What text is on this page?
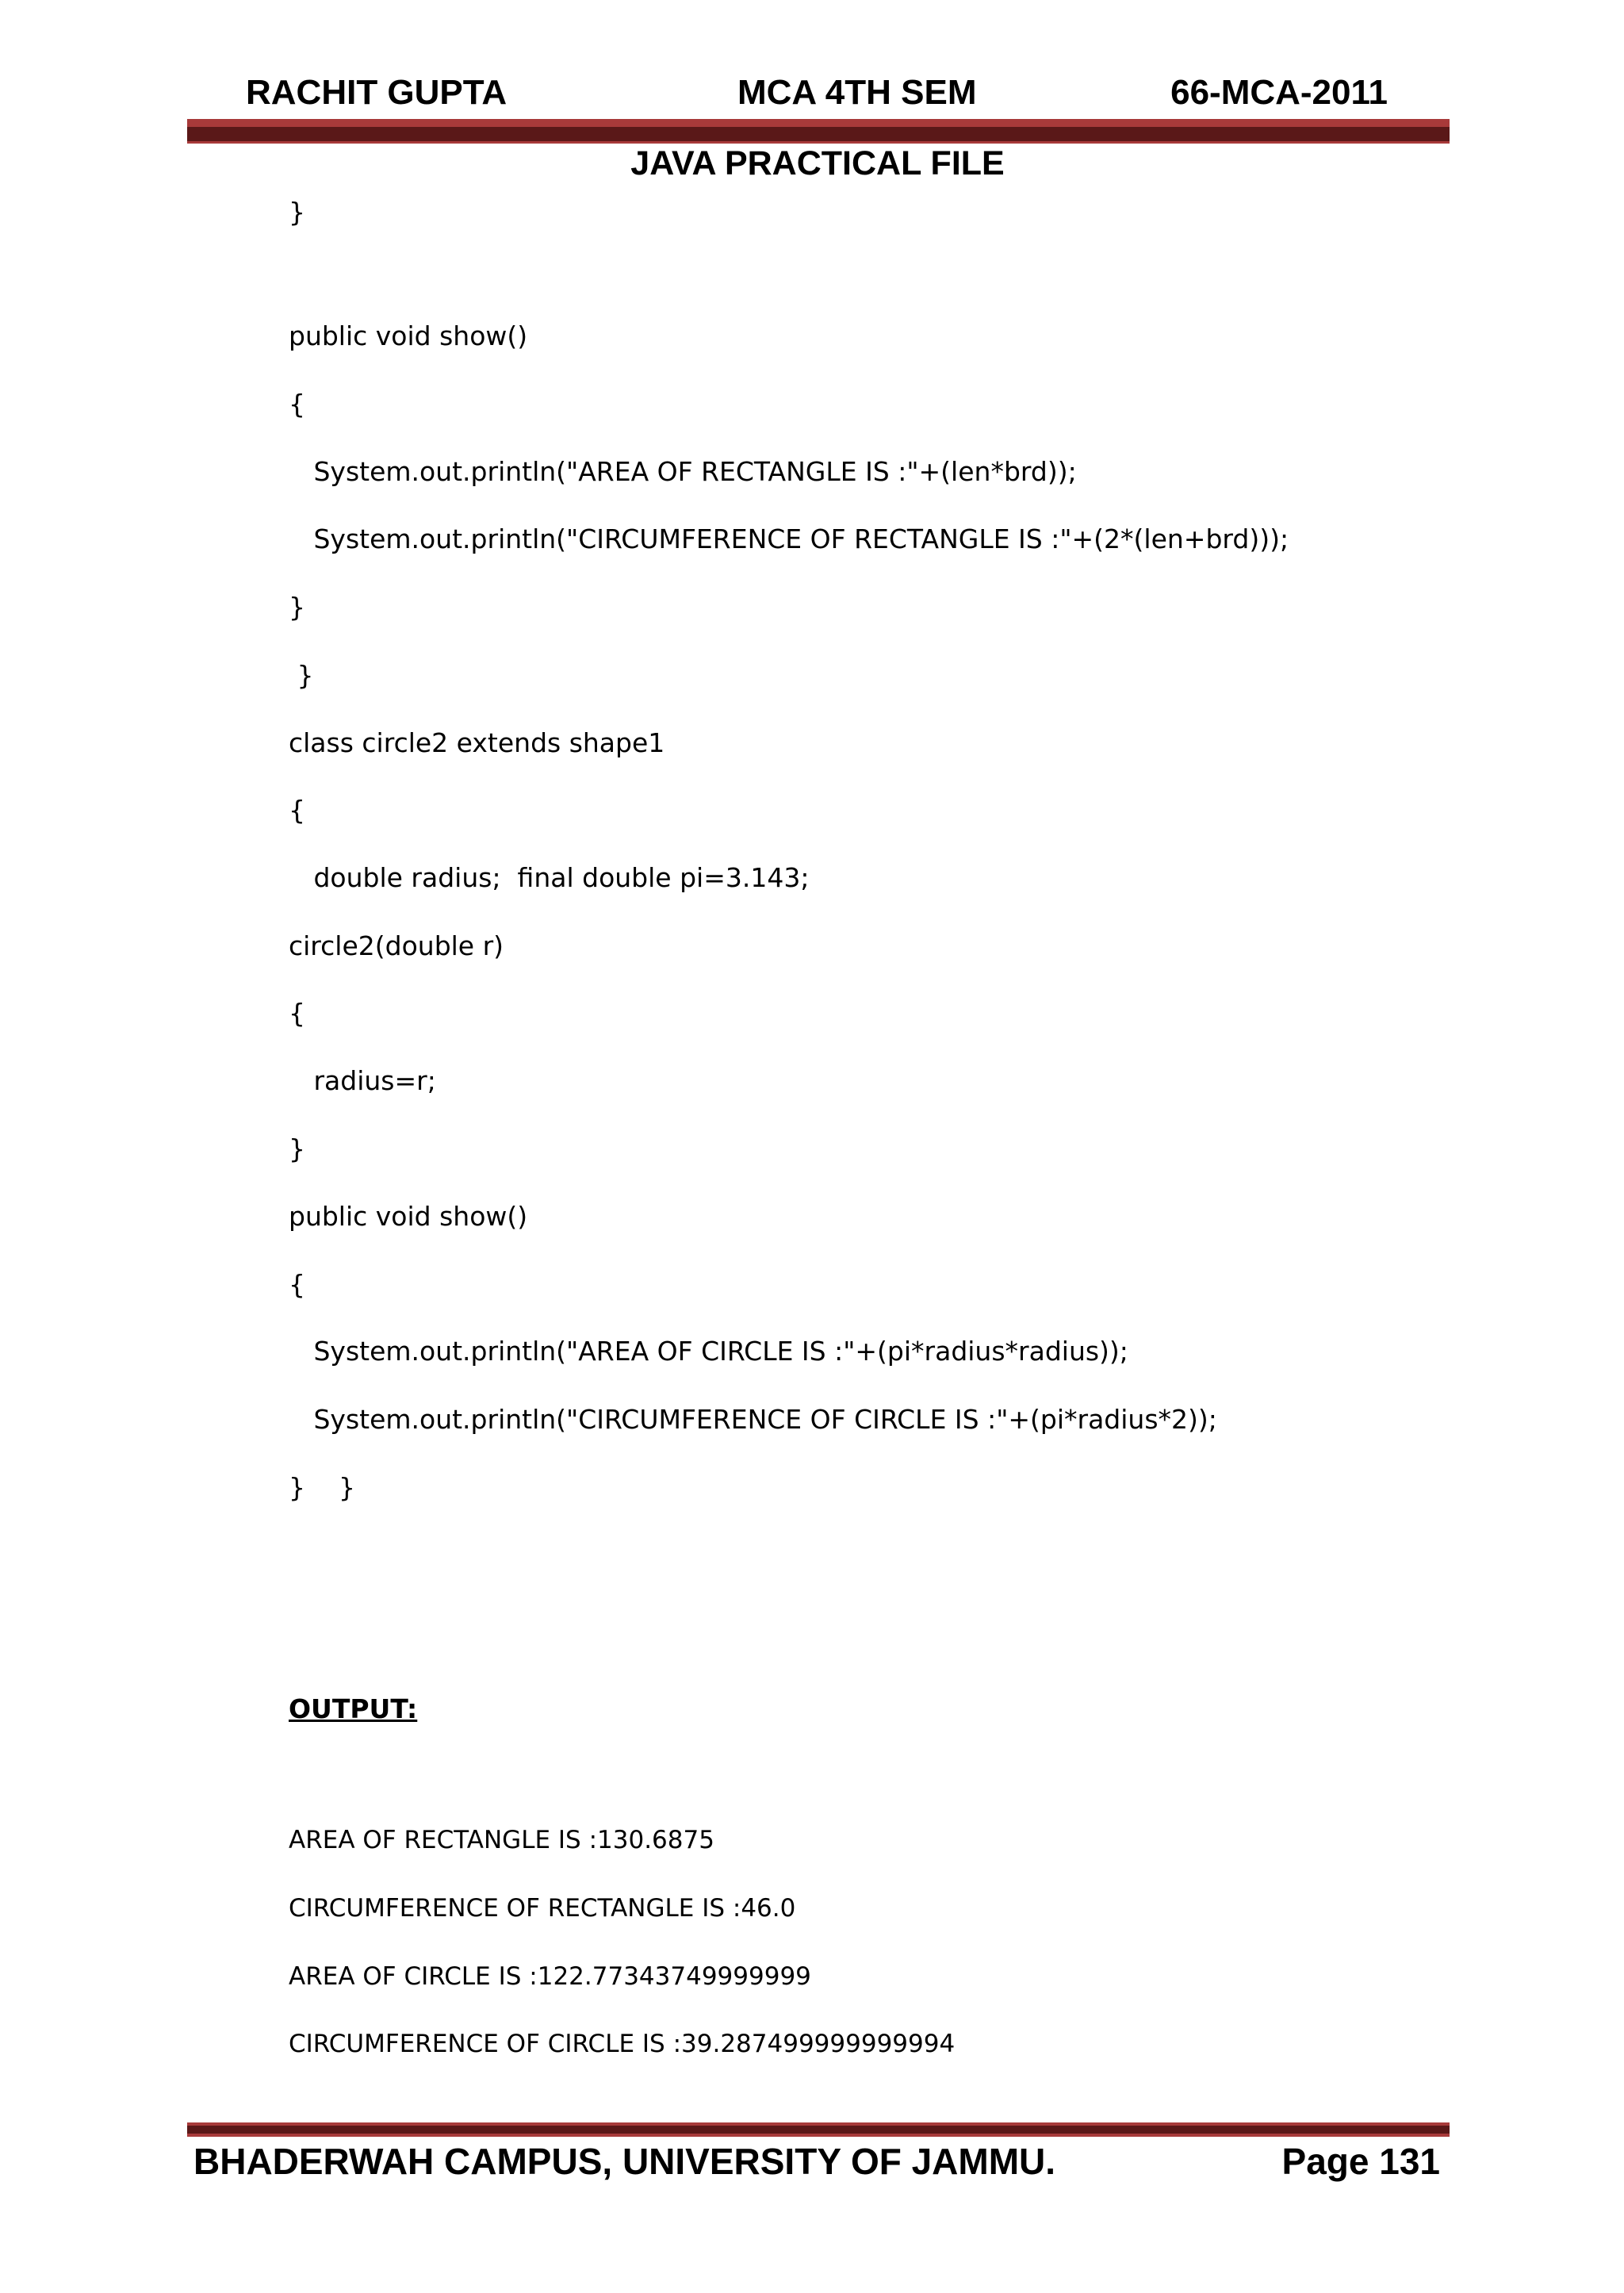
RACHIT GUPTA	MCA 4TH SEM	66-MCA-2011
JAVA PRACTICAL FILE

}

public void show()

{

System.out.println("AREA OF RECTANGLE IS :"+(len*brd));

System.out.println("CIRCUMFERENCE OF RECTANGLE IS :"+(2*(len+brd)));

}

}

class circle2 extends shape1

{

double radius;  final double pi=3.143;

circle2(double r)

{

radius=r;

}

public void show()

{

System.out.println("AREA OF CIRCLE IS :"+(pi*radius*radius));

System.out.println("CIRCUMFERENCE OF CIRCLE IS :"+(pi*radius*2));

}    }

OUTPUT:
AREA OF RECTANGLE IS :130.6875
CIRCUMFERENCE OF RECTANGLE IS :46.0
AREA OF CIRCLE IS :122.77343749999999
CIRCUMFERENCE OF CIRCLE IS :39.287499999999994
BHADERWAH CAMPUS, UNIVERSITY OF JAMMU.	Page 131
